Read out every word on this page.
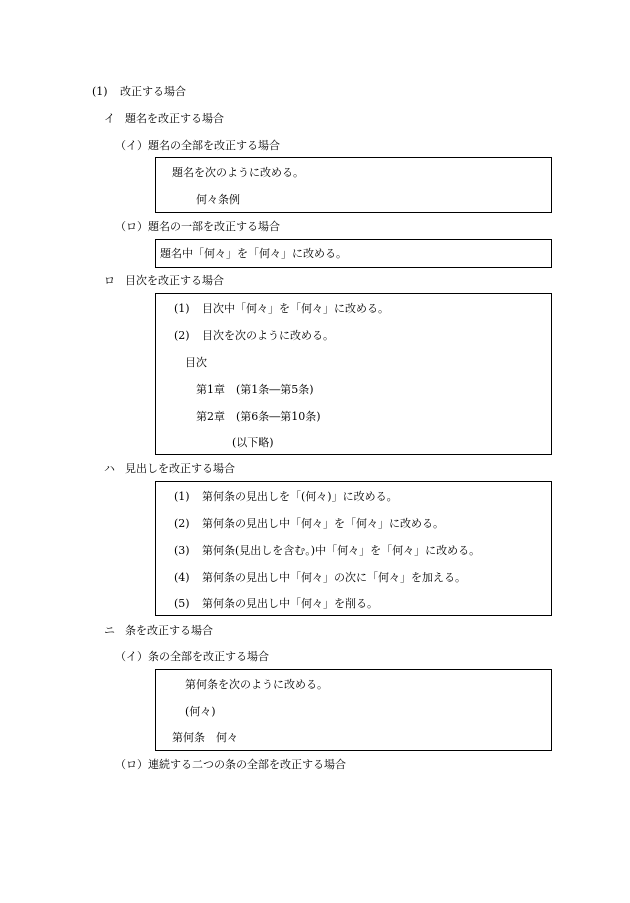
(1) 改正する場合
イ 題名を改正する場合
（イ） 題名の全部を改正する場合
題名を次のように改める。
何々条例
（ロ） 題名の一部を改正する場合
題名中「何々」を「何々」に改める。
ロ 目次を改正する場合
(1) 目次中「何々」を「何々」に改める。
(2) 目次を次のように改める。
目次
第1章　(第1条―第5条)
第2章　(第6条―第10条)
(以下略)
ハ 見出しを改正する場合
(1) 第何条の見出しを「(何々)」に改める。
(2) 第何条の見出し中「何々」を「何々」に改める。
(3) 第何条(見出しを含む。)中「何々」を「何々」に改める。
(4) 第何条の見出し中「何々」の次に「何々」を加える。
(5) 第何条の見出し中「何々」を削る。
ニ 条を改正する場合
（イ） 条の全部を改正する場合
第何条を次のように改める。
(何々)
第何条　何々
（ロ） 連続する二つの条の全部を改正する場合
